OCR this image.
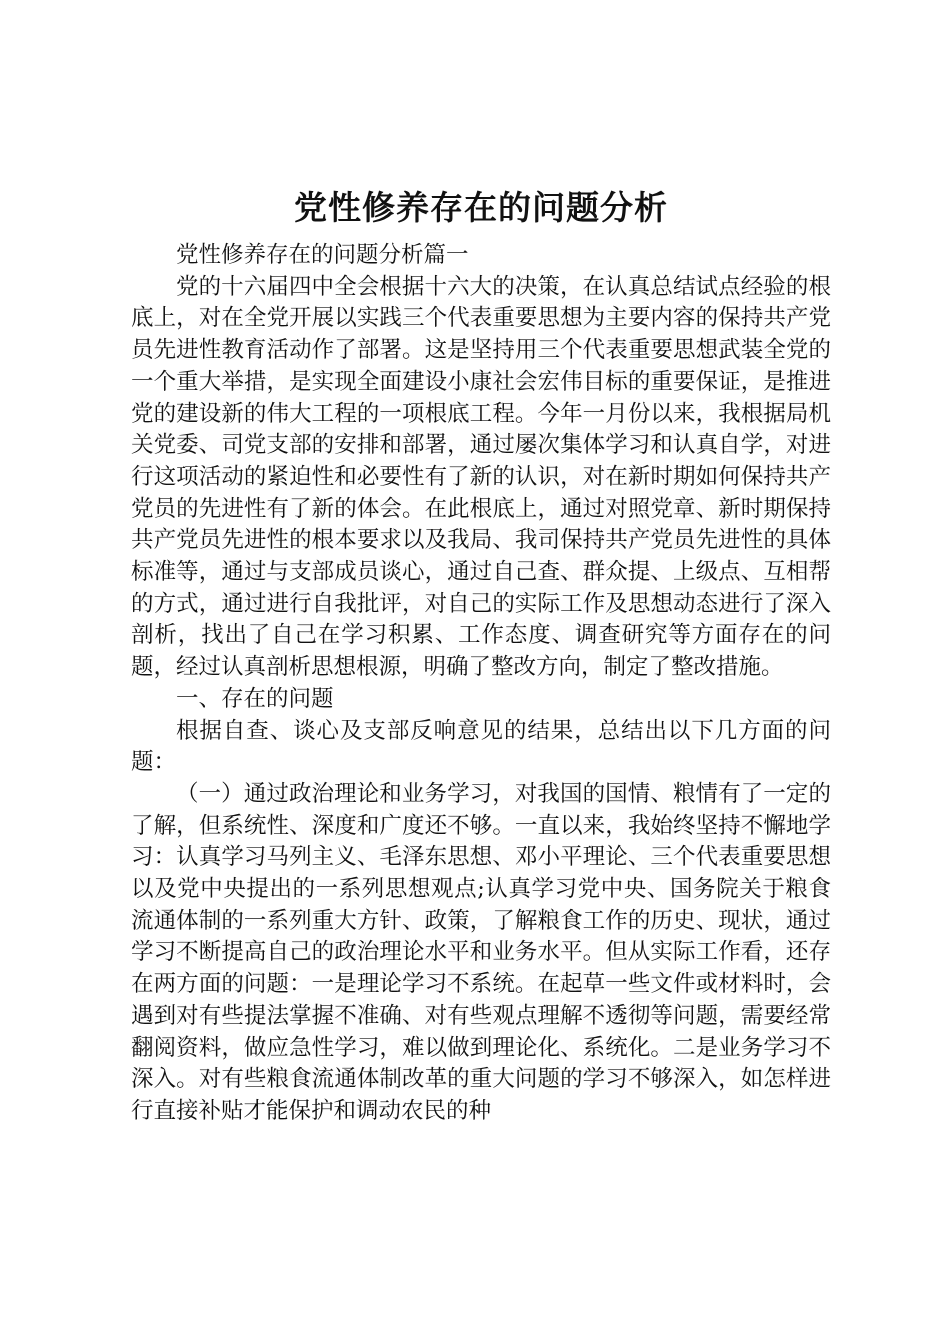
党性修养存在的问题分析

党性修养存在的问题分析篇一

党的十六届四中全会根据十六大的决策，在认真总结试点经验的根底上，对在全党开展以实践三个代表重要思想为主要内容的保持共产党员先进性教育活动作了部署。这是坚持用三个代表重要思想武装全党的一个重大举措，是实现全面建设小康社会宏伟目标的重要保证，是推进党的建设新的伟大工程的一项根底工程。今年一月份以来，我根据局机关党委、司党支部的安排和部署，通过屡次集体学习和认真自学，对进行这项活动的紧迫性和必要性有了新的认识，对在新时期如何保持共产党员的先进性有了新的体会。在此根底上，通过对照党章、新时期保持共产党员先进性的根本要求以及我局、我司保持共产党员先进性的具体标准等，通过与支部成员谈心，通过自己查、群众提、上级点、互相帮的方式，通过进行自我批评，对自己的实际工作及思想动态进行了深入剖析，找出了自己在学习积累、工作态度、调查研究等方面存在的问题，经过认真剖析思想根源，明确了整改方向，制定了整改措施。

一、存在的问题

根据自查、谈心及支部反响意见的结果，总结出以下几方面的问题：

（一）通过政治理论和业务学习，对我国的国情、粮情有了一定的了解，但系统性、深度和广度还不够。一直以来，我始终坚持不懈地学习：认真学习马列主义、毛泽东思想、邓小平理论、三个代表重要思想以及党中央提出的一系列思想观点;认真学习党中央、国务院关于粮食流通体制的一系列重大方针、政策，了解粮食工作的历史、现状，通过学习不断提高自己的政治理论水平和业务水平。但从实际工作看，还存在两方面的问题：一是理论学习不系统。在起草一些文件或材料时，会遇到对有些提法掌握不准确、对有些观点理解不透彻等问题，需要经常翻阅资料，做应急性学习，难以做到理论化、系统化。二是业务学习不深入。对有些粮食流通体制改革的重大问题的学习不够深入，如怎样进行直接补贴才能保护和调动农民的种
